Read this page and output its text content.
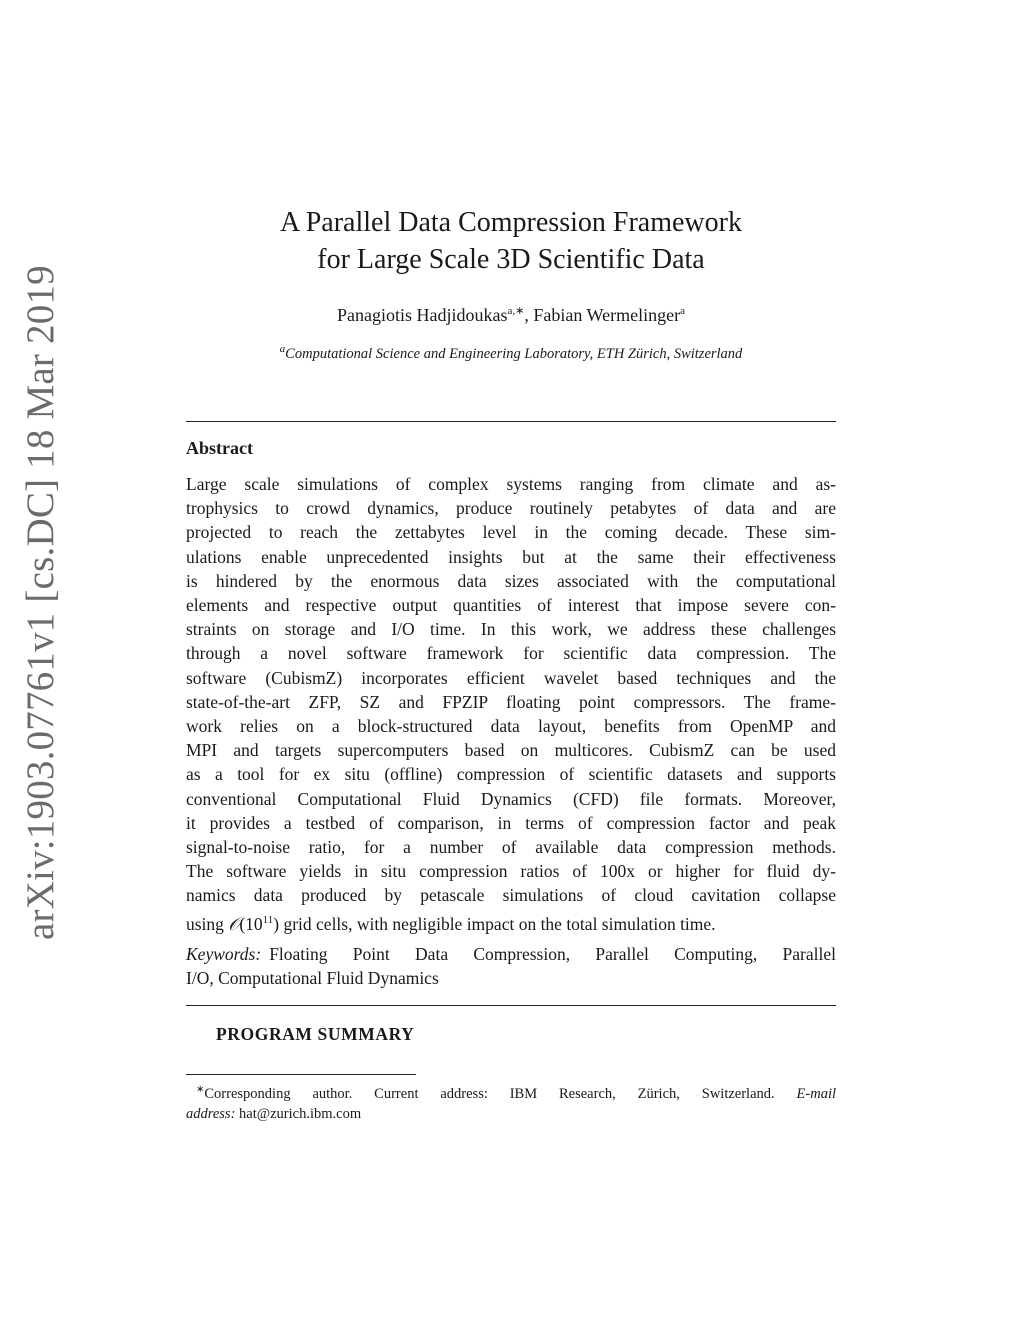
arXiv:1903.07761v1 [cs.DC] 18 Mar 2019
A Parallel Data Compression Framework
for Large Scale 3D Scientific Data
Panagiotis Hadjidoukas$^{a,∗}$, Fabian Wermelinger$^a$
$^a$Computational Science and Engineering Laboratory, ETH Zürich, Switzerland
Abstract
Large scale simulations of complex systems ranging from climate and as-
trophysics to crowd dynamics, produce routinely petabytes of data and are
projected to reach the zettabytes level in the coming decade. These sim-
ulations enable unprecedented insights but at the same their effectiveness
is hindered by the enormous data sizes associated with the computational
elements and respective output quantities of interest that impose severe con-
straints on storage and I/O time. In this work, we address these challenges
through a novel software framework for scientific data compression. The
software (CubismZ) incorporates efficient wavelet based techniques and the
state-of-the-art ZFP, SZ and FPZIP floating point compressors. The frame-
work relies on a block-structured data layout, benefits from OpenMP and
MPI and targets supercomputers based on multicores. CubismZ can be used
as a tool for ex situ (offline) compression of scientific datasets and supports
conventional Computational Fluid Dynamics (CFD) file formats. Moreover,
it provides a testbed of comparison, in terms of compression factor and peak
signal-to-noise ratio, for a number of available data compression methods.
The software yields in situ compression ratios of 100x or higher for fluid dy-
namics data produced by petascale simulations of cloud cavitation collapse
using $𝒪(10^{11})$ grid cells, with negligible impact on the total simulation time.
Keywords: Floating Point Data Compression, Parallel Computing, Parallel
I/O, Computational Fluid Dynamics
PROGRAM SUMMARY
∗Corresponding author. Current address: IBM Research, Zürich, Switzerland. E-mail
address: hat@zurich.ibm.com
